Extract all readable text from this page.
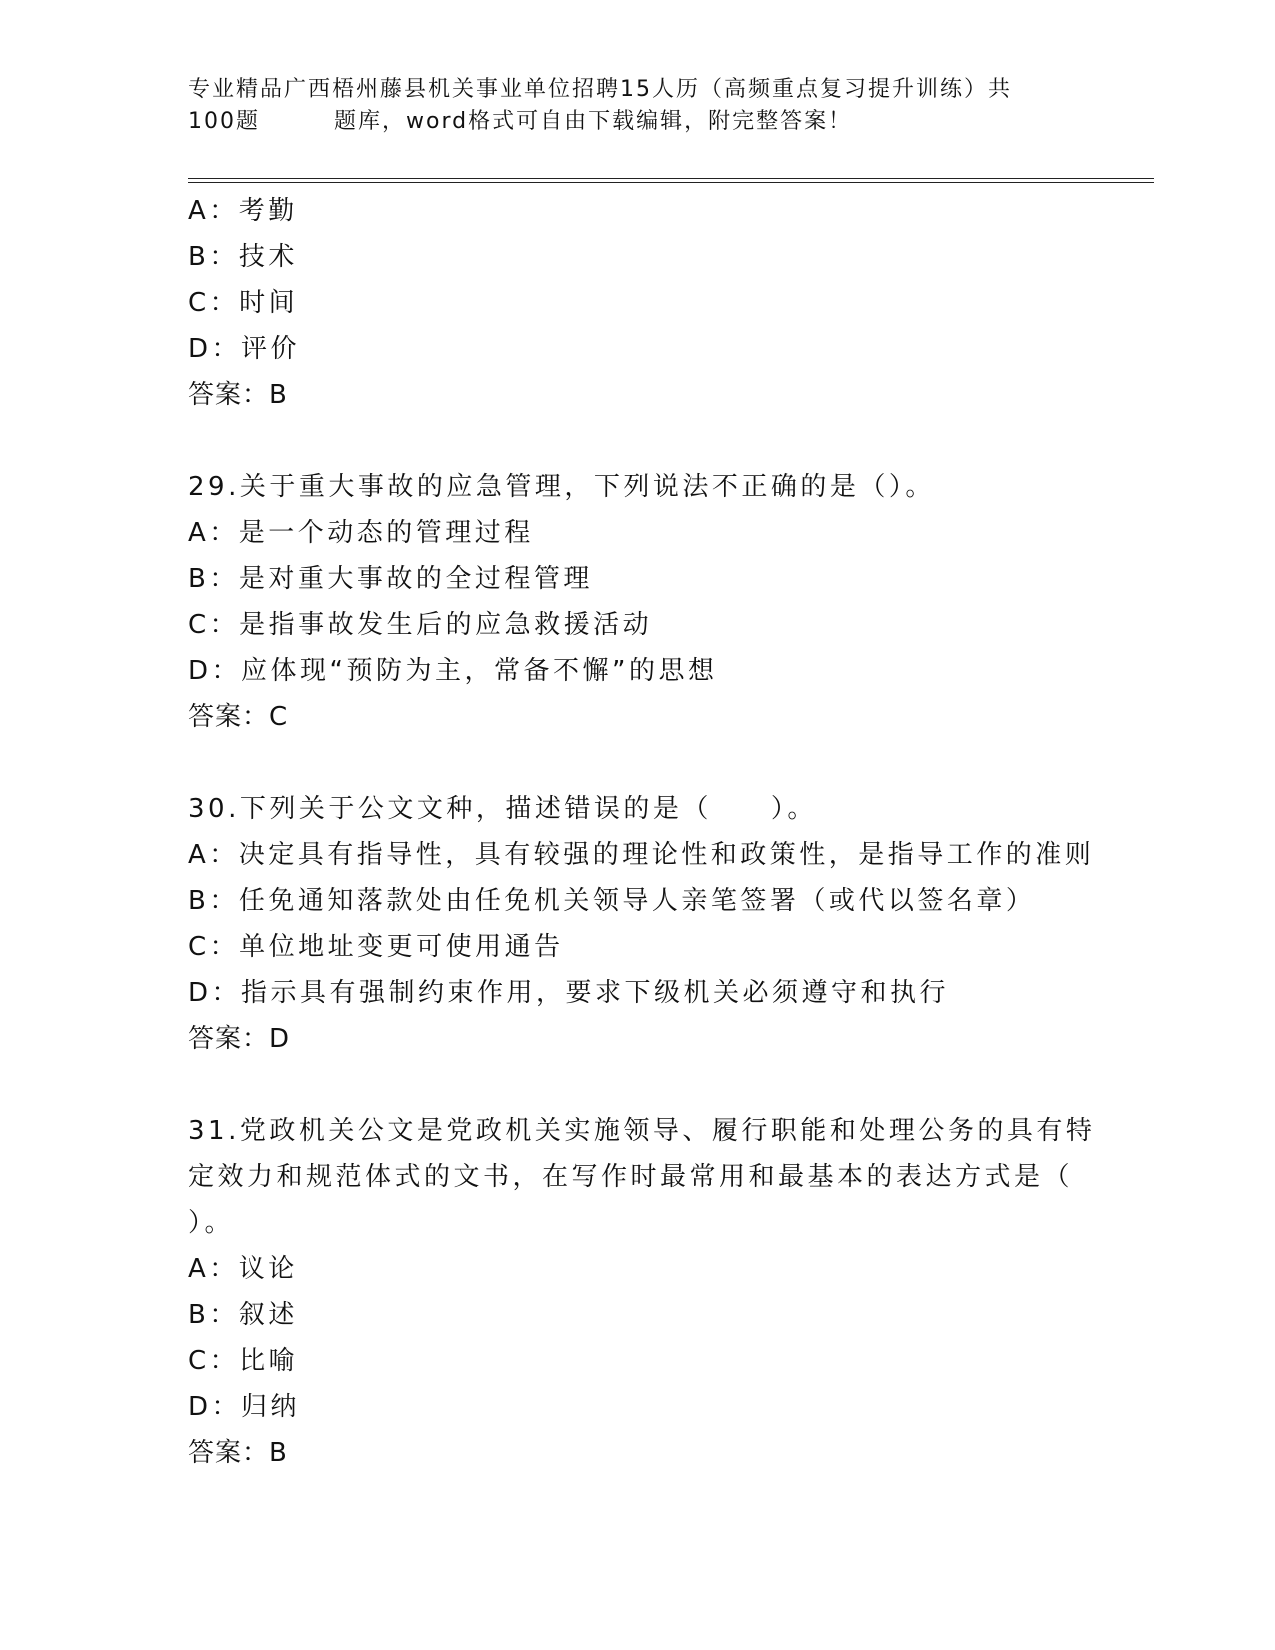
专业精品广西梧州藤县机关事业单位招聘15人历（高频重点复习提升训练）共
100题	题库，word格式可自由下载编辑，附完整答案！
A：考勤
B：技术
C：时间
D：评价
答案：B
29.关于重大事故的应急管理，下列说法不正确的是（）。
A：是一个动态的管理过程
B：是对重大事故的全过程管理
C：是指事故发生后的应急救援活动
D：应体现“预防为主，常备不懈”的思想
答案：C
30.下列关于公文文种，描述错误的是（　　）。
A：决定具有指导性，具有较强的理论性和政策性，是指导工作的准则
B：任免通知落款处由任免机关领导人亲笔签署（或代以签名章）
C：单位地址变更可使用通告
D：指示具有强制约束作用，要求下级机关必须遵守和执行
答案：D
31.党政机关公文是党政机关实施领导、履行职能和处理公务的具有特
定效力和规范体式的文书，在写作时最常用和最基本的表达方式是（
）。
A：议论
B：叙述
C：比喻
D：归纳
答案：B
